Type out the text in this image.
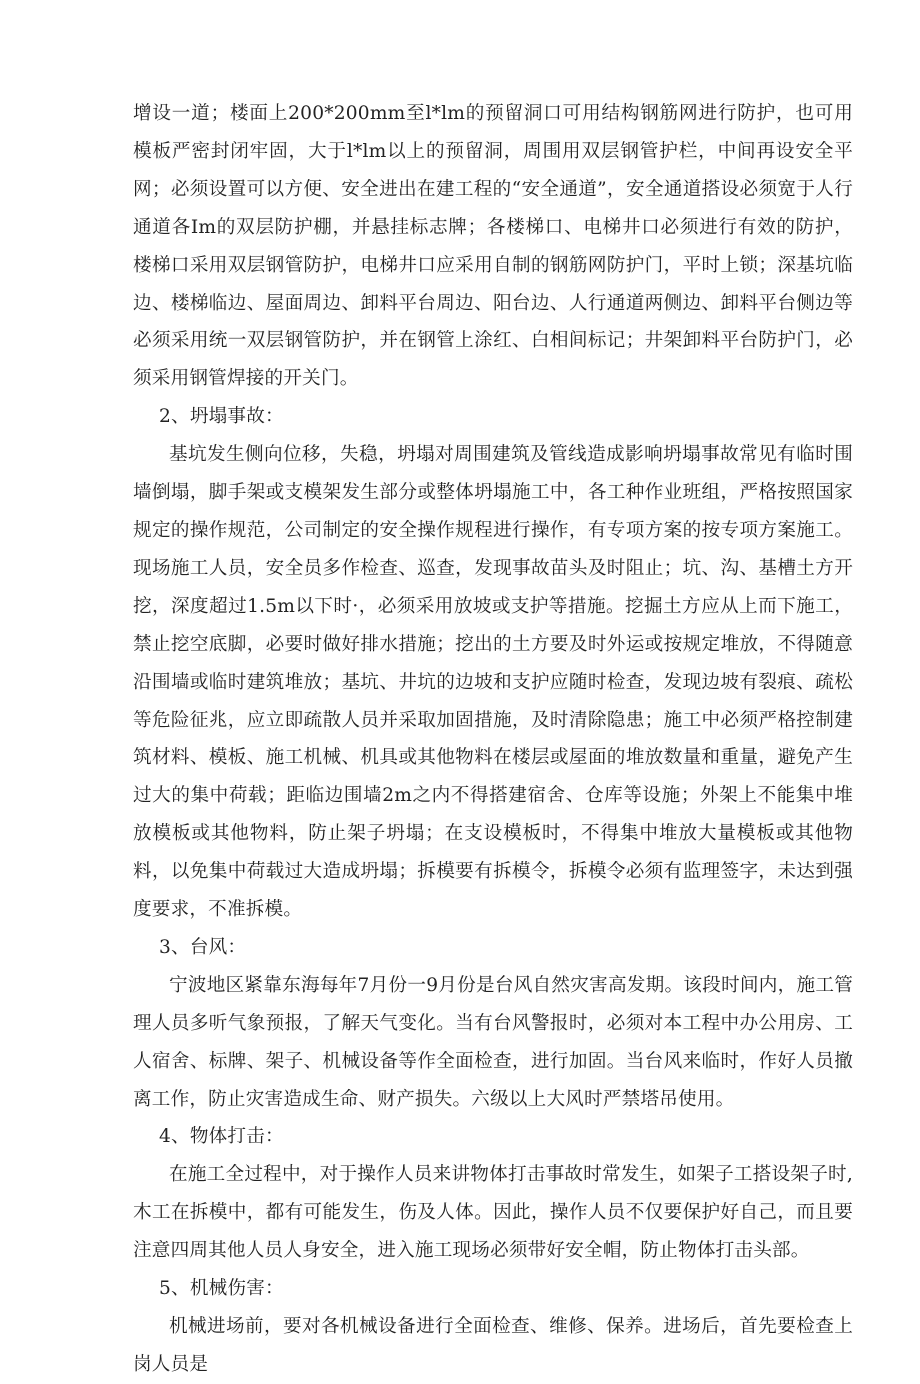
增设一道；楼面上200*200mm至l*lm的预留洞口可用结构钢筋网进行防护，也可用模板严密封闭牢固，大于l*lm以上的预留洞，周围用双层钢管护栏，中间再设安全平网；必须设置可以方便、安全进出在建工程的“安全通道”，安全通道搭设必须宽于人行通道各Im的双层防护棚，并悬挂标志牌；各楼梯口、电梯井口必须进行有效的防护，楼梯口采用双层钢管防护，电梯井口应采用自制的钢筋网防护门，平时上锁；深基坑临边、楼梯临边、屋面周边、卸料平台周边、阳台边、人行通道两侧边、卸料平台侧边等必须采用统一双层钢管防护，并在钢管上涂红、白相间标记；井架卸料平台防护门，必须采用钢管焊接的开关门。

2、坍塌事故：

基坑发生侧向位移，失稳，坍塌对周围建筑及管线造成影响坍塌事故常见有临时围墙倒塌，脚手架或支模架发生部分或整体坍塌施工中，各工种作业班组，严格按照国家规定的操作规范，公司制定的安全操作规程进行操作，有专项方案的按专项方案施工。现场施工人员，安全员多作检查、巡查，发现事故苗头及时阻止；坑、沟、基槽土方开挖，深度超过1.5m以下时·，必须采用放坡或支护等措施。挖掘土方应从上而下施工，禁止挖空底脚，必要时做好排水措施；挖出的土方要及时外运或按规定堆放，不得随意沿围墙或临时建筑堆放；基坑、井坑的边坡和支护应随时检查，发现边坡有裂痕、疏松等危险征兆，应立即疏散人员并采取加固措施，及时清除隐患；施工中必须严格控制建筑材料、模板、施工机械、机具或其他物料在楼层或屋面的堆放数量和重量，避免产生过大的集中荷载；距临边围墙2m之内不得搭建宿舍、仓库等设施；外架上不能集中堆放模板或其他物料，防止架子坍塌；在支设模板时，不得集中堆放大量模板或其他物料，以免集中荷载过大造成坍塌；拆模要有拆模令，拆模令必须有监理签字，未达到强度要求，不准拆模。

3、台风：

宁波地区紧靠东海每年7月份一9月份是台风自然灾害高发期。该段时间内，施工管理人员多听气象预报，了解天气变化。当有台风警报时，必须对本工程中办公用房、工人宿舍、标牌、架子、机械设备等作全面检查，进行加固。当台风来临时，作好人员撤离工作，防止灾害造成生命、财产损失。六级以上大风时严禁塔吊使用。

4、物体打击：

在施工全过程中，对于操作人员来讲物体打击事故时常发生，如架子工搭设架子时,木工在拆模中，都有可能发生，伤及人体。因此，操作人员不仅要保护好自己，而且要注意四周其他人员人身安全，进入施工现场必须带好安全帽，防止物体打击头部。

5、机械伤害：

机械进场前，要对各机械设备进行全面检查、维修、保养。进场后，首先要检查上岗人员是
